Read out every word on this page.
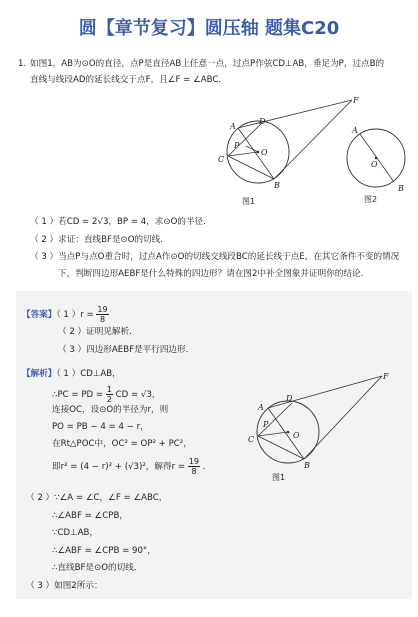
圆【章节复习】圆压轴 题集C20
1. 如图1，AB为⊙O的直径，点P是直径AB上任意一点，过点P作弦CD⊥AB，垂足为P，过点B的
直线与线段AD的延长线交于点F，且∠F = ∠ABC．
A
D
P
O
C
B
F
图1
A
O
B
图2
（ 1 ）若CD = 2√3，BP = 4，求⊙O的半径．
（ 2 ）求证：直线BF是⊙O的切线．
（ 3 ）当点P与点O重合时，过点A作⊙O的切线交线段BC的延长线于点E，在其它条件不变的情况
下，判断四边形AEBF是什么特殊的四边形？请在图2中补全图象并证明你的结论．
【答案】（ 1 ）$r = \frac{19}{8}$
（ 2 ）证明见解析．
（ 3 ）四边形AEBF是平行四边形．
【解析】（ 1 ）CD⊥AB，
∴PC = PD = $\frac{1}{2}$ CD = √3，
连接OC，设⊙O的半径为r，则
PO = PB − 4 = 4 − r，
在Rt△POC中，OC² = OP² + PC²，
即r² = (4 − r)² + (√3)²，解得$r = \frac{19}{8}$ ．
A
D
P
O
C
B
F
图1
（ 2 ）∵∠A = ∠C，∠F = ∠ABC，
∴∠ABF = ∠CPB，
∵CD⊥AB，
∴∠ABF = ∠CPB = 90°，
∴直线BF是⊙O的切线．
（ 3 ）如图2所示：
